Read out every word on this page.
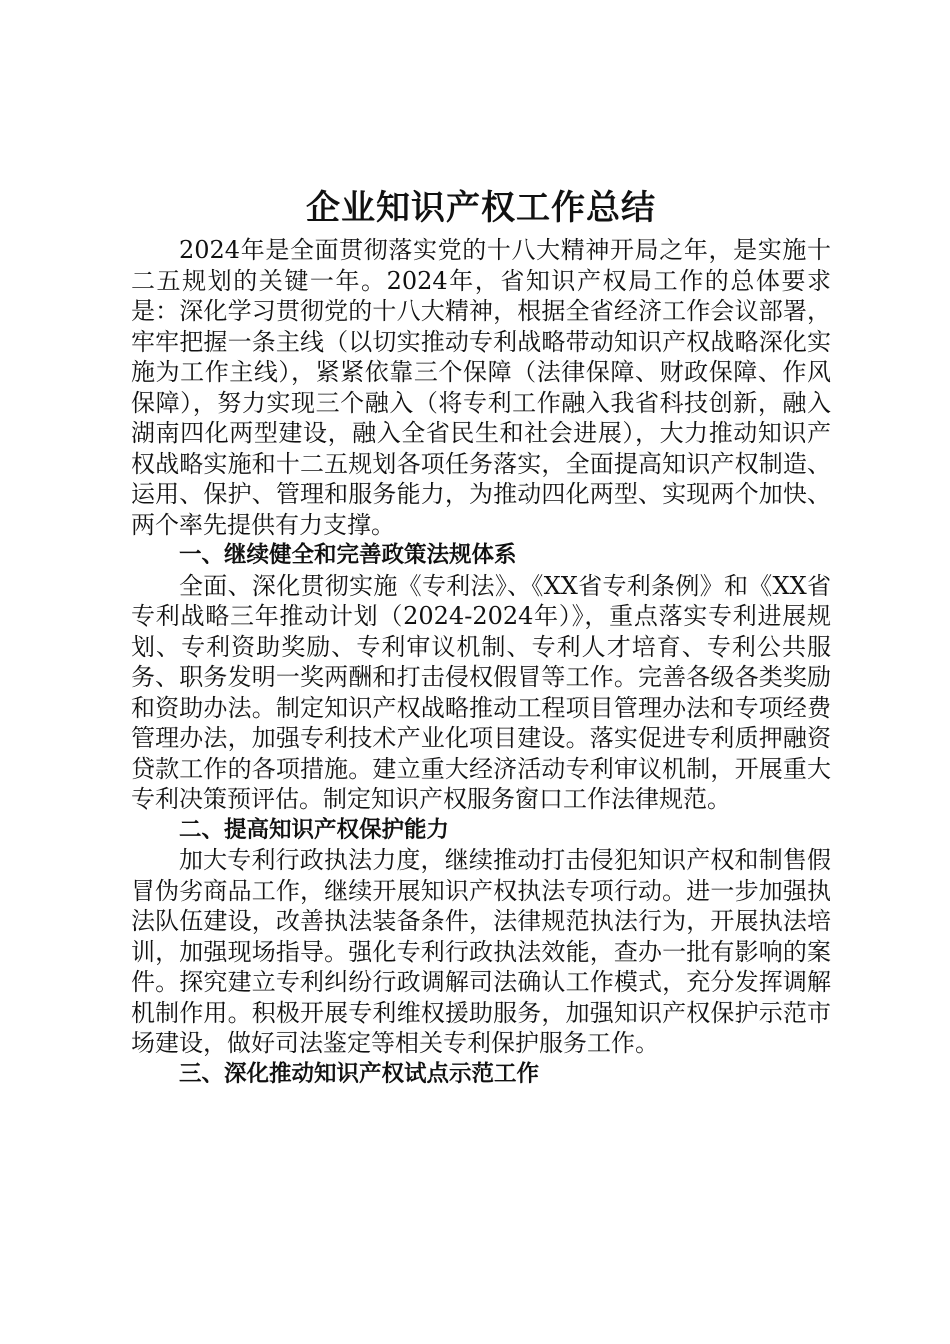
企业知识产权工作总结

2024年是全面贯彻落实党的十八大精神开局之年，是实施十二五规划的关键一年。2024年，省知识产权局工作的总体要求是：深化学习贯彻党的十八大精神，根据全省经济工作会议部署，牢牢把握一条主线（以切实推动专利战略带动知识产权战略深化实施为工作主线），紧紧依靠三个保障（法律保障、财政保障、作风保障），努力实现三个融入（将专利工作融入我省科技创新，融入湖南四化两型建设，融入全省民生和社会进展），大力推动知识产权战略实施和十二五规划各项任务落实，全面提高知识产权制造、运用、保护、管理和服务能力，为推动四化两型、实现两个加快、两个率先提供有力支撑。

一、继续健全和完善政策法规体系

全面、深化贯彻实施《专利法》、《XX省专利条例》和《XX省专利战略三年推动计划（2024-2024年）》，重点落实专利进展规划、专利资助奖励、专利审议机制、专利人才培育、专利公共服务、职务发明一奖两酬和打击侵权假冒等工作。完善各级各类奖励和资助办法。制定知识产权战略推动工程项目管理办法和专项经费管理办法，加强专利技术产业化项目建设。落实促进专利质押融资贷款工作的各项措施。建立重大经济活动专利审议机制，开展重大专利决策预评估。制定知识产权服务窗口工作法律规范。

二、提高知识产权保护能力

加大专利行政执法力度，继续推动打击侵犯知识产权和制售假冒伪劣商品工作，继续开展知识产权执法专项行动。进一步加强执法队伍建设，改善执法装备条件，法律规范执法行为，开展执法培训，加强现场指导。强化专利行政执法效能，查办一批有影响的案件。探究建立专利纠纷行政调解司法确认工作模式，充分发挥调解机制作用。积极开展专利维权援助服务，加强知识产权保护示范市场建设，做好司法鉴定等相关专利保护服务工作。

三、深化推动知识产权试点示范工作
